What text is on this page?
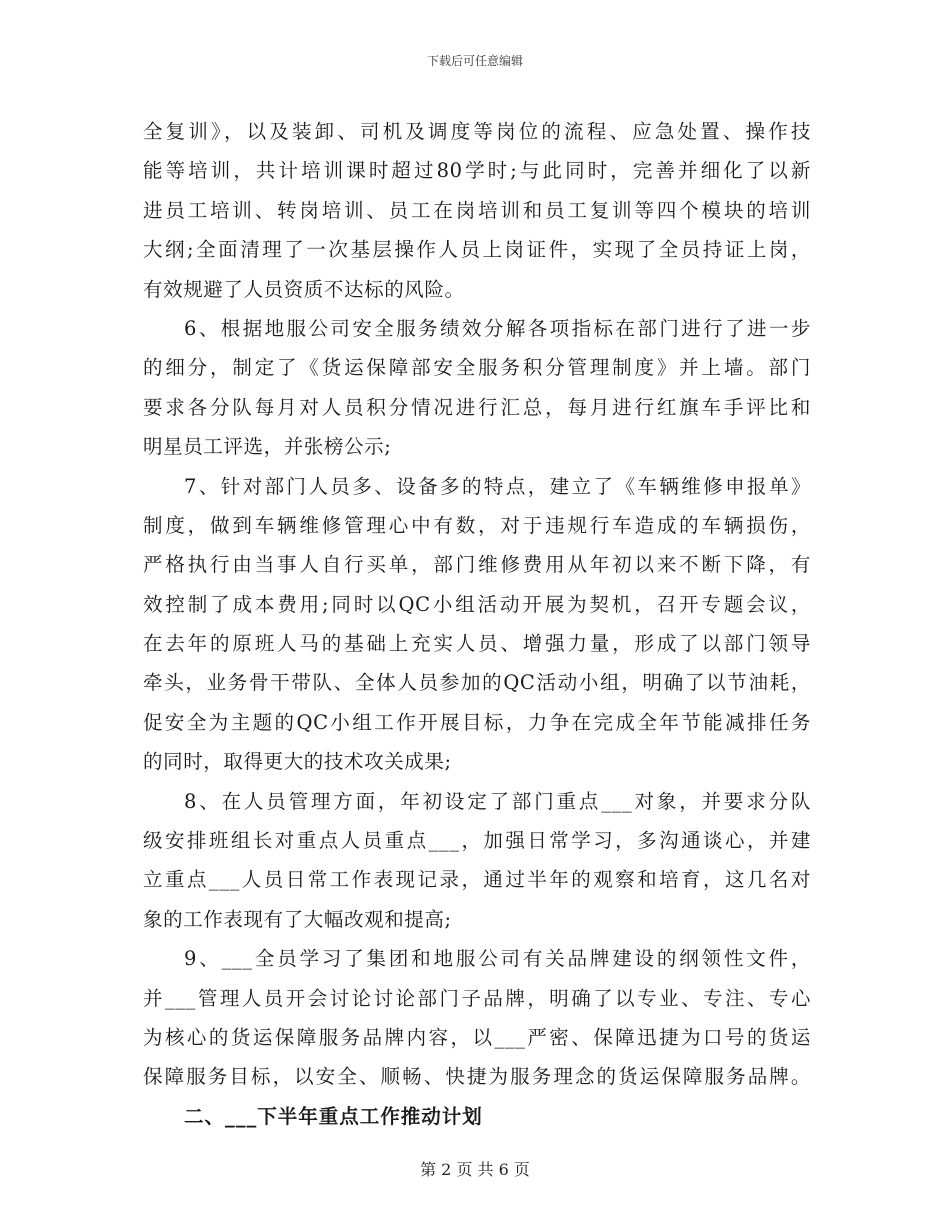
下载后可任意编辑
全复训》，以及装卸、司机及调度等岗位的流程、应急处置、操作技
能等培训，共计培训课时超过80学时;与此同时，完善并细化了以新
进员工培训、转岗培训、员工在岗培训和员工复训等四个模块的培训
大纲;全面清理了一次基层操作人员上岗证件，实现了全员持证上岗，
有效规避了人员资质不达标的风险。
6、根据地服公司安全服务绩效分解各项指标在部门进行了进一步
的细分，制定了《货运保障部安全服务积分管理制度》并上墙。部门
要求各分队每月对人员积分情况进行汇总，每月进行红旗车手评比和
明星员工评选，并张榜公示;
7、针对部门人员多、设备多的特点，建立了《车辆维修申报单》
制度，做到车辆维修管理心中有数，对于违规行车造成的车辆损伤，
严格执行由当事人自行买单，部门维修费用从年初以来不断下降，有
效控制了成本费用;同时以QC小组活动开展为契机，召开专题会议，
在去年的原班人马的基础上充实人员、增强力量，形成了以部门领导
牵头，业务骨干带队、全体人员参加的QC活动小组，明确了以节油耗，
促安全为主题的QC小组工作开展目标，力争在完成全年节能减排任务
的同时，取得更大的技术攻关成果;
8、在人员管理方面，年初设定了部门重点___对象，并要求分队
级安排班组长对重点人员重点___，加强日常学习，多沟通谈心，并建
立重点___人员日常工作表现记录，通过半年的观察和培育，这几名对
象的工作表现有了大幅改观和提高;
9、___全员学习了集团和地服公司有关品牌建设的纲领性文件，
并___管理人员开会讨论讨论部门子品牌，明确了以专业、专注、专心
为核心的货运保障服务品牌内容，以___严密、保障迅捷为口号的货运
保障服务目标，以安全、顺畅、快捷为服务理念的货运保障服务品牌。
二、___下半年重点工作推动计划
第 2 页 共 6 页
